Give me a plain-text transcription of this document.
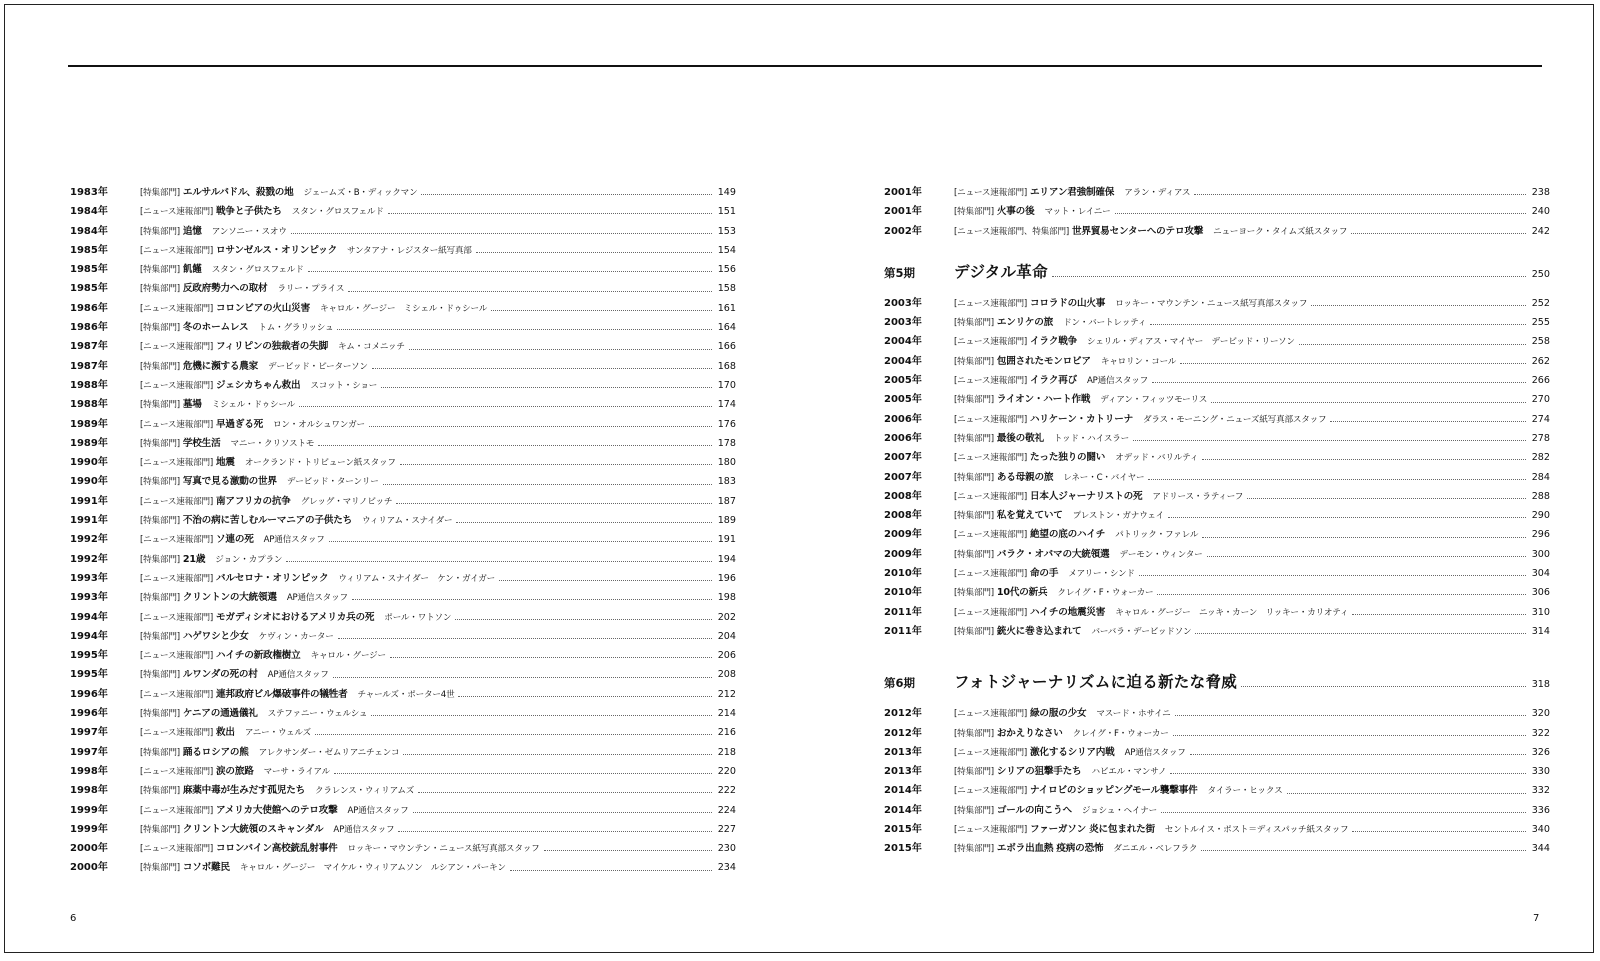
1983年	[特集部門] エルサルバドル、殺戮の地 ジェームズ・B・ディックマン	149
1984年	[ニュース速報部門] 戦争と子供たち スタン・グロスフェルド	151
1984年	[特集部門] 追憶 アンソニー・スオウ	153
1985年	[ニュース速報部門] ロサンゼルス・オリンピック サンタアナ・レジスター紙写真部	154
1985年	[特集部門] 飢饉 スタン・グロスフェルド	156
1985年	[特集部門] 反政府勢力への取材 ラリー・プライス	158
1986年	[ニュース速報部門] コロンビアの火山災害 キャロル・グージー　ミシェル・ドゥシール	161
1986年	[特集部門] 冬のホームレス トム・グラリッシュ	164
1987年	[ニュース速報部門] フィリピンの独裁者の失脚 キム・コメニッチ	166
1987年	[特集部門] 危機に瀕する農家 デービッド・ピーターソン	168
1988年	[ニュース速報部門] ジェシカちゃん救出 スコット・ショー	170
1988年	[特集部門] 墓場 ミシェル・ドゥシール	174
1989年	[ニュース速報部門] 早過ぎる死 ロン・オルシュワンガー	176
1989年	[特集部門] 学校生活 マニー・クリソストモ	178
1990年	[ニュース速報部門] 地震 オークランド・トリビューン紙スタッフ	180
1990年	[特集部門] 写真で見る激動の世界 デービッド・ターンリー	183
1991年	[ニュース速報部門] 南アフリカの抗争 グレッグ・マリノビッチ	187
1991年	[特集部門] 不治の病に苦しむルーマニアの子供たち ウィリアム・スナイダー	189
1992年	[ニュース速報部門] ソ連の死 AP通信スタッフ	191
1992年	[特集部門] 21歳 ジョン・カプラン	194
1993年	[ニュース速報部門] バルセロナ・オリンピック ウィリアム・スナイダー　ケン・ガイガー	196
1993年	[特集部門] クリントンの大統領選 AP通信スタッフ	198
1994年	[ニュース速報部門] モガディシオにおけるアメリカ兵の死 ポール・ワトソン	202
1994年	[特集部門] ハゲワシと少女 ケヴィン・カーター	204
1995年	[ニュース速報部門] ハイチの新政権樹立 キャロル・グージー	206
1995年	[特集部門] ルワンダの死の村 AP通信スタッフ	208
1996年	[ニュース速報部門] 連邦政府ビル爆破事件の犠牲者 チャールズ・ポーター4世	212
1996年	[特集部門] ケニアの通過儀礼 ステファニー・ウェルシュ	214
1997年	[ニュース速報部門] 救出 アニー・ウェルズ	216
1997年	[特集部門] 踊るロシアの熊 アレクサンダー・ゼムリアニチェンコ	218
1998年	[ニュース速報部門] 涙の旅路 マーサ・ライアル	220
1998年	[特集部門] 麻薬中毒が生みだす孤児たち クラレンス・ウィリアムズ	222
1999年	[ニュース速報部門] アメリカ大使館へのテロ攻撃 AP通信スタッフ	224
1999年	[特集部門] クリントン大統領のスキャンダル AP通信スタッフ	227
2000年	[ニュース速報部門] コロンバイン高校銃乱射事件 ロッキー・マウンテン・ニュース紙写真部スタッフ	230
2000年	[特集部門] コソボ難民 キャロル・グージー　マイケル・ウィリアムソン　ルシアン・パーキン	234
2001年	[ニュース速報部門] エリアン君強制確保 アラン・ディアス	238
2001年	[特集部門] 火事の後 マット・レイニー	240
2002年	[ニュース速報部門、特集部門] 世界貿易センターへのテロ攻撃 ニューヨーク・タイムズ紙スタッフ	242
第5期	デジタル革命	250
2003年	[ニュース速報部門] コロラドの山火事 ロッキー・マウンテン・ニュース紙写真部スタッフ	252
2003年	[特集部門] エンリケの旅 ドン・バートレッティ	255
2004年	[ニュース速報部門] イラク戦争 シェリル・ディアス・マイヤー　デービッド・リーソン	258
2004年	[特集部門] 包囲されたモンロビア キャロリン・コール	262
2005年	[ニュース速報部門] イラク再び AP通信スタッフ	266
2005年	[特集部門] ライオン・ハート作戦 ディアン・フィッツモーリス	270
2006年	[ニュース速報部門] ハリケーン・カトリーナ ダラス・モーニング・ニューズ紙写真部スタッフ	274
2006年	[特集部門] 最後の敬礼 トッド・ハイスラー	278
2007年	[ニュース速報部門] たった独りの闘い オデッド・バリルティ	282
2007年	[特集部門] ある母親の旅 レネー・C・バイヤー	284
2008年	[ニュース速報部門] 日本人ジャーナリストの死 アドリース・ラティーフ	288
2008年	[特集部門] 私を覚えていて プレストン・ガナウェイ	290
2009年	[ニュース速報部門] 絶望の底のハイチ パトリック・ファレル	296
2009年	[特集部門] バラク・オバマの大統領選 デーモン・ウィンター	300
2010年	[ニュース速報部門] 命の手 メアリー・シンド	304
2010年	[特集部門] 10代の新兵 クレイグ・F・ウォーカー	306
2011年	[ニュース速報部門] ハイチの地震災害 キャロル・グージー　ニッキ・カーン　リッキー・カリオティ	310
2011年	[特集部門] 銃火に巻き込まれて バーバラ・デービッドソン	314
第6期	フォトジャーナリズムに迫る新たな脅威	318
2012年	[ニュース速報部門] 緑の服の少女 マスード・ホサイニ	320
2012年	[特集部門] おかえりなさい クレイグ・F・ウォーカー	322
2013年	[ニュース速報部門] 激化するシリア内戦 AP通信スタッフ	326
2013年	[特集部門] シリアの狙撃手たち ハビエル・マンサノ	330
2014年	[ニュース速報部門] ナイロビのショッピングモール襲撃事件 タイラー・ヒックス	332
2014年	[特集部門] ゴールの向こうへ ジョシュ・ヘイナー	336
2015年	[ニュース速報部門] ファーガソン 炎に包まれた街 セントルイス・ポスト＝ディスパッチ紙スタッフ	340
2015年	[特集部門] エボラ出血熱 疫病の恐怖 ダニエル・ベレフラク	344
6	7
